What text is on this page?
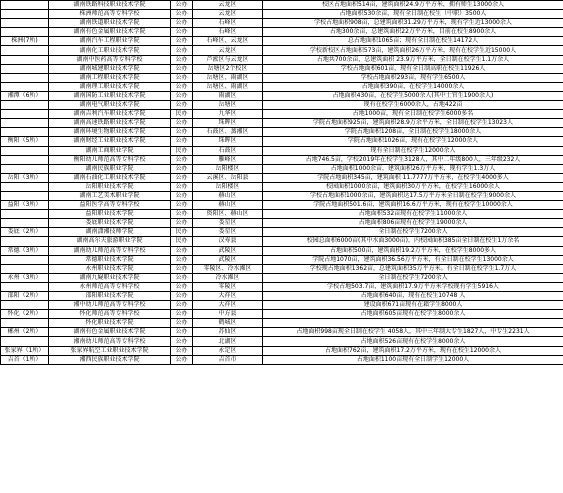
	湖南铁路科技职业技术学院	公办	云龙区	校区占地面积514亩，建筑面积24.9万平方米，拥有师生13000余人
	株洲师范高等专科学校	公办	云龙区	占地面积530余亩，现有全日制在校生（中职）3500人
	湖南铁道职业技术学院	公办	石峰区	学校占地面积908亩，总建筑面积31.29万平方米，现有学生近13000余人
	湖南有色金属职业技术学院	公办	石峰区	占地300余亩，总建筑面积22万平方米，目前在校生8900余人
株洲(7所)	湖南汽车工程职业学院	公办	石峰区、云龙区	总占地面积1065亩；现有全日制在校生14172人
	湖南化工职业技术学院	公办	云龙区	学校新校区占地面积573亩，建筑面积26万平方米，现有在校学生近15000人
	湖南中医药高等专科学校	公办	芦淞区与云龙区	占地共700余亩，总建筑面积 23.9万平方米，全日制在校学生1.1万余人
	湖南城建职业技术学院	公办	岳塘区2个校区	学校占地面积601亩，现有全日制高职在校生11926人
	湖南工程职业技术学院	公办	岳塘区、雨湖区	学校占地面积293亩，现有学生6500人
	湖南理工职业技术学院	公办	岳塘区、雨湖区	占地面积390亩，在校学生14000余人
湘潭（6所）	湖南国防工业职业技术学院	公办	雨湖区	占地面积430亩，在校学生5000余人(其中士官生1900余人)
	湖南电气职业技术学院	公办	岳塘区	现有在校学生6000余人，占地422亩
	湖南吉利汽车职业技术学院	民办	九华区	占地1000亩，现有全日制在校学生6000多名
	湖南高速铁路职业技术学院	公办	珠晖区	学院占地面积925亩，建筑面积28.9万余平方米，全日制在校学生13023人
	湖南环境生物职业技术学院	公办	石鼓区、蒸湘区	学院占地面积1208亩，全日制在校学生18000余人
衡阳（5所）	湖南财经工业职业技术学院	公办	珠晖区	学院占地面积1026亩，现有在校学生12000余人
	湖南工商职业学院	民办	石鼓区	现有全日制在校学生12000余人
	衡阳幼儿师范高等专科学校	公办	雁峰区	占地746.5亩，学校2019年在校学生3128人，其中二年级800人，三年级232人
	湖南民族职业学院	公办	岳阳楼区	占地面积1000余亩，建筑面积26万平方米，现有学生1.3万人
岳阳（3所）	湖南石油化工职业技术学院	公办	云溪区、岳阳县	学院占地面积345亩，建筑面积 11.7777万平方米，在校学生4000多人
	岳阳职业技术学院	公办	岳阳楼区	校园面积1000余亩，建筑面积30万平方米，在校学生16000余人
	湖南工艺美术职业学院	公办	赫山区	学校占地面积1000余亩，建筑面积达17.5万平方米全日制在校学生9000余人
益阳（3所）	益阳医学高等专科学校	公办	赫山区	学院占地面积501.6亩，建筑面积16.6万平方米，现有在校学生10000余人
	益阳职业技术学院	公办	资阳区、赫山区	占地面积532亩现有在校学生11000余人
	娄底职业技术学院	公办	娄星区	占地面积806亩现有在校学生19000余人
娄底（2所）	湖南潇湘技师学院	民办	娄星区	全日制在校学生7200余人
	湖南高尔夫旅游职业学院	民办	汉寿县	校园总面积6000亩(其中水面3000亩)，内校园面积385亩全日制在校生1万余名
常德（3所）	湖南幼儿师范高等专科学校	公办	武陵区	占地面积500亩，建筑面积19.2万平方米，在校学生8000多人
	常德职业技术学院	公办	武陵区	学院占地1070亩，建筑面积36.56万平方米，有全日制在校学生13000余人
	永州职业技术学院	公办	零陵区、冷水滩区	学校现占地面积1362亩，总建筑面积35万平方米。有全日制在校学生1.7万人
永州（3所）	湖南九嶷职业技术学院	公办	冷水滩区	全日制在校学生7200余人
	永州师范高等专科学校	公办	零陵区	学校占地503.7亩，建筑面积17.9万平方米学校现有学生5916人
邵阳（2所）	邵阳职业技术学院	公办	大祥区	占地面积640亩，现有在校生10748 人
	湘中幼儿师范高等专科学校	公办	大祥区	建设面积671亩现有在籍学生8000人
怀化（2所）	怀化师范高等专科学校	公办	中方县	占地面积605亩现有在校学生8000余人
	怀化职业技术学院	公办	鹤城区	
郴州（2所）	湖南有色金属职业技术学院	公办	苏仙区	占地面积998亩现全日制在校学生 4058人，其中三年制大专生1827人，中专生2231人
	湘南幼儿师范高等专科学校	公办	北湖区	占地面积526亩现有在校学生8000余人
张家界（1所）	张家界航空工业职业技术学院	公办	永定区	占地面积762亩，建筑面积17.2万平方米，现有在校生12000余人
吉首（1所）	湘西民族职业技术学院	公办	吉首市	占地面积1100亩现有全日制学生12000人
